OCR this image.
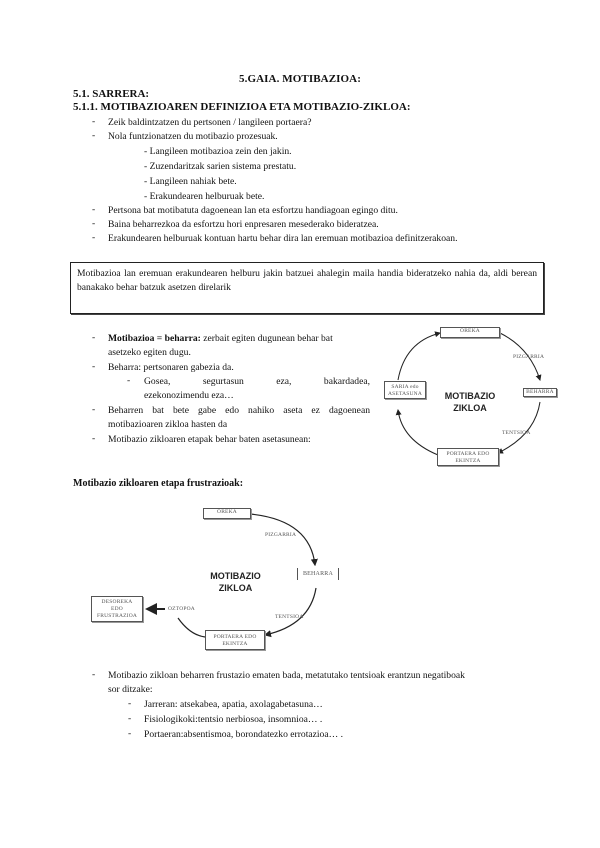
5.GAIA. MOTIBAZIOA:
5.1. SARRERA:
5.1.1. MOTIBAZIOAREN DEFINIZIOA ETA MOTIBAZIO-ZIKLOA:
- Zeik baldintzatzen du pertsonen / langileen portaera?
- Nola funtzionatzen du motibazio prozesuak.
- Langileen motibazioa zein den jakin.
- Zuzendaritzak sarien sistema prestatu.
- Langileen nahiak bete.
- Erakundearen helburuak bete.
- Pertsona bat motibatuta dagoenean lan eta esfortzu handiagoan egingo ditu.
- Baina beharrezkoa da esfortzu hori enpresaren mesederako bideratzea.
- Erakundearen helburuak kontuan hartu behar dira lan eremuan motibazioa definitzerakoan.
Motibazioa lan eremuan erakundearen helburu jakin batzuei ahalegin maila handia bideratzeko nahia da, aldi berean banakako behar batzuk asetzen direlarik
- Motibazioa = beharra: zerbait egiten dugunean behar bat
asetzeko egiten dugu.
- Beharra: pertsonaren gabezia da.
- Gosea,	segurtasun	eza,	bakardadea,
ezekonozimendu eza…
- Beharren bat bete gabe edo nahiko aseta ez dagoenean
motibazioaren zikloa hasten da
- Motibazio zikloaren etapak behar baten asetasunean:
OREKA
PIZGARRIA
BEHARRA
TENTSIOA
PORTAERA EDO
EKINTZA
SARIA edo
ASETASUNA	MOTIBAZIO
ZIKLOA
Motibazio zikloaren etapa frustrazioak:
OREKA
PIZGARRIA
BEHARRA
TENTSIOA
PORTAERA EDO
EKINTZA
OZTOPOA
DESOREKA
EDO
FRUSTRAZIOA
MOTIBAZIO
ZIKLOA
- Motibazio zikloan beharren frustazio ematen bada, metatutako tentsioak erantzun negatiboak
sor ditzake:
- Jarreran: atsekabea, apatia, axolagabetasuna…
- Fisiologikoki:tentsio nerbiosoa, insomnioa… .
- Portaeran:absentismoa, borondatezko errotazioa… .
